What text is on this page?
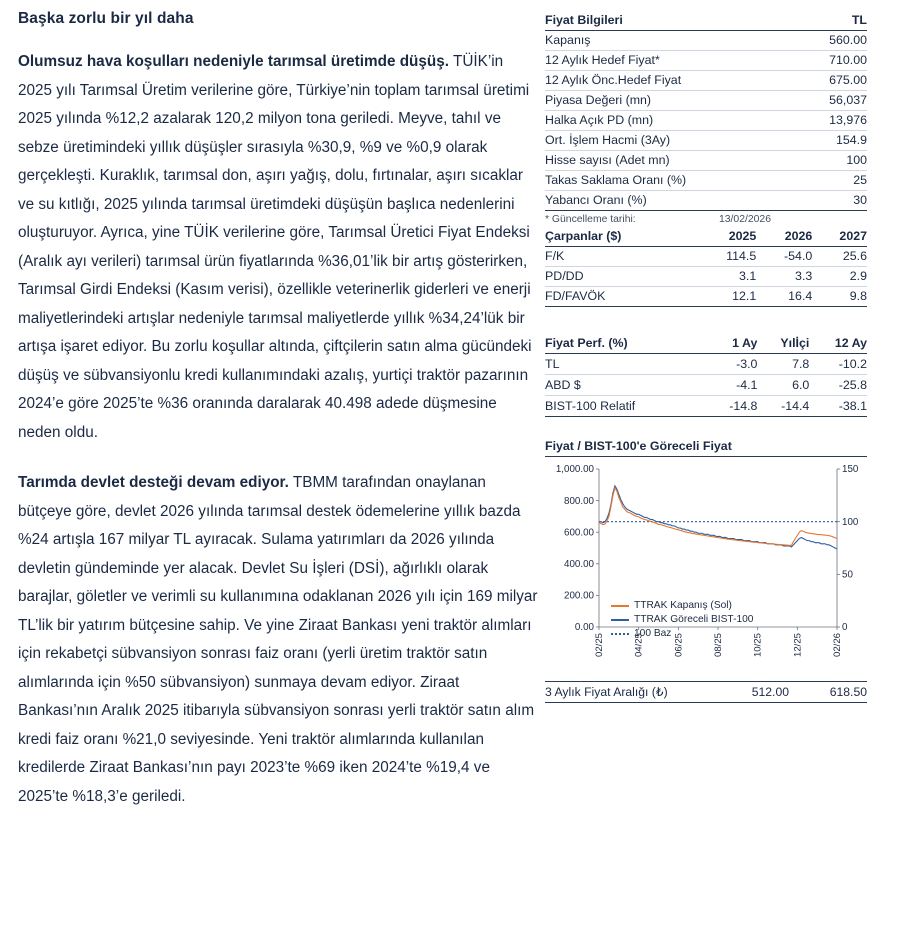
Başka zorlu bir yıl daha

Olumsuz hava koşulları nedeniyle tarımsal üretimde düşüş. TÜİK’in 2025 yılı Tarımsal Üretim verilerine göre, Türkiye’nin toplam tarımsal üretimi 2025 yılında %12,2 azalarak 120,2 milyon tona geriledi. Meyve, tahıl ve sebze üretimindeki yıllık düşüşler sırasıyla %30,9, %9 ve %0,9 olarak gerçekleşti. Kuraklık, tarımsal don, aşırı yağış, dolu, fırtınalar, aşırı sıcaklar ve su kıtlığı, 2025 yılında tarımsal üretimdeki düşüşün başlıca nedenlerini oluşturuyor. Ayrıca, yine TÜİK verilerine göre, Tarımsal Üretici Fiyat Endeksi (Aralık ayı verileri) tarımsal ürün fiyatlarında %36,01’lik bir artış gösterirken, Tarımsal Girdi Endeksi (Kasım verisi), özellikle veterinerlik giderleri ve enerji maliyetlerindeki artışlar nedeniyle tarımsal maliyetlerde yıllık %34,24’lük bir artışa işaret ediyor. Bu zorlu koşullar altında, çiftçilerin satın alma gücündeki düşüş ve sübvansiyonlu kredi kullanımındaki azalış, yurtiçi traktör pazarının 2024’e göre 2025’te %36 oranında daralarak 40.498 adede düşmesine neden oldu.

Tarımda devlet desteği devam ediyor. TBMM tarafından onaylanan bütçeye göre, devlet 2026 yılında tarımsal destek ödemelerine yıllık bazda %24 artışla 167 milyar TL ayıracak. Sulama yatırımları da 2026 yılında devletin gündeminde yer alacak. Devlet Su İşleri (DSİ), ağırlıklı olarak barajlar, göletler ve verimli su kullanımına odaklanan 2026 yılı için 169 milyar TL’lik bir yatırım bütçesine sahip. Ve yine Ziraat Bankası yeni traktör alımları için rekabetçi sübvansiyon sonrası faiz oranı (yerli üretim traktör satın alımlarında için %50 sübvansiyon) sunmaya devam ediyor. Ziraat Bankası’nın Aralık 2025 itibarıyla sübvansiyon sonrası yerli traktör satın alım kredi faiz oranı %21,0 seviyesinde. Yeni traktör alımlarında kullanılan kredilerde Ziraat Bankası’nın payı 2023’te %69 iken 2024’te %19,4 ve 2025’te %18,3’e geriledi.

Fiyat Bilgileri	TL
Kapanış	560.00
12 Aylık Hedef Fiyat*	710.00
12 Aylık Önc.Hedef Fiyat	675.00
Piyasa Değeri (mn)	56,037
Halka Açık PD (mn)	13,976
Ort. İşlem Hacmi (3Ay)	154.9
Hisse sayısı (Adet mn)	100
Takas Saklama Oranı (%)	25
Yabancı Oranı (%)	30
* Güncelleme tarihi:	13/02/2026
Çarpanlar ($)	2025	2026	2027
F/K	114.5	-54.0	25.6
PD/DD	3.1	3.3	2.9
FD/FAVÖK	12.1	16.4	9.8
Fiyat Perf. (%)	1 Ay	Yılİçi	12 Ay
TL	-3.0	7.8	-10.2
ABD $	-4.1	6.0	-25.8
BIST-100 Relatif	-14.8	-14.4	-38.1
Fiyat / BIST-100'e Göreceli Fiyat
0.00
200.00
400.00
600.00
800.00
1,000.00
0
50
100
150
02/25	04/25	06/25	08/25	10/25	12/25	02/26
TTRAK Kapanış (Sol)
TTRAK Göreceli BIST-100
100 Baz
3 Aylık Fiyat Aralığı (₺)	512.00	618.50
